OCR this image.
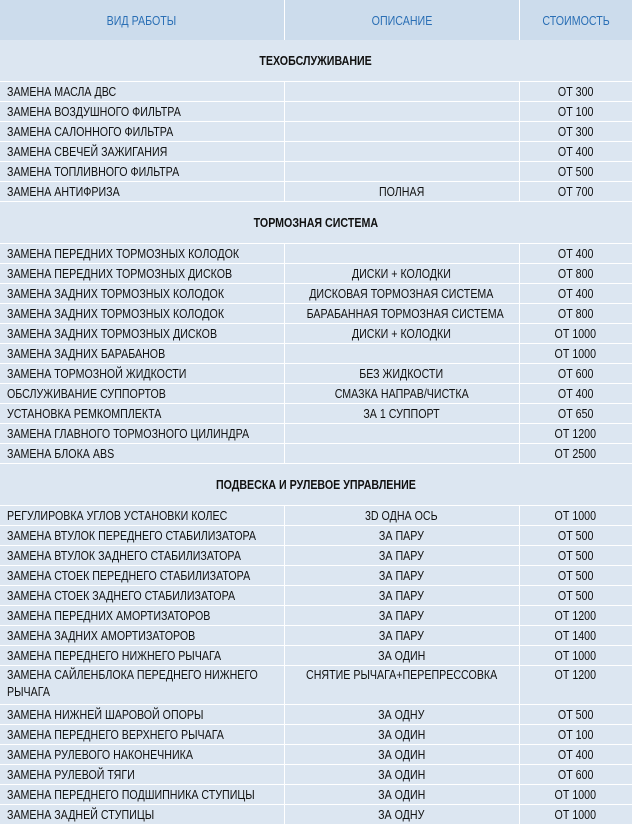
ВИД РАБОТЫ	ОПИСАНИЕ	СТОИМОСТЬ
ТЕХОБСЛУЖИВАНИЕ		
ЗАМЕНА МАСЛА ДВС		ОТ 300
ЗАМЕНА ВОЗДУШНОГО ФИЛЬТРА		ОТ 100
ЗАМЕНА САЛОННОГО ФИЛЬТРА		ОТ 300
ЗАМЕНА СВЕЧЕЙ ЗАЖИГАНИЯ		ОТ 400
ЗАМЕНА ТОПЛИВНОГО ФИЛЬТРА		ОТ 500
ЗАМЕНА АНТИФРИЗА	ПОЛНАЯ	ОТ 700
ТОРМОЗНАЯ СИСТЕМА		
ЗАМЕНА ПЕРЕДНИХ ТОРМОЗНЫХ КОЛОДОК		ОТ 400
ЗАМЕНА ПЕРЕДНИХ ТОРМОЗНЫХ ДИСКОВ	ДИСКИ + КОЛОДКИ	ОТ 800
ЗАМЕНА ЗАДНИХ ТОРМОЗНЫХ КОЛОДОК	ДИСКОВАЯ ТОРМОЗНАЯ СИСТЕМА	ОТ 400
ЗАМЕНА ЗАДНИХ ТОРМОЗНЫХ КОЛОДОК	БАРАБАННАЯ ТОРМОЗНАЯ СИСТЕМА	ОТ 800
ЗАМЕНА ЗАДНИХ ТОРМОЗНЫХ ДИСКОВ	ДИСКИ + КОЛОДКИ	ОТ 1000
ЗАМЕНА ЗАДНИХ БАРАБАНОВ		ОТ 1000
ЗАМЕНА ТОРМОЗНОЙ ЖИДКОСТИ	БЕЗ ЖИДКОСТИ	ОТ 600
ОБСЛУЖИВАНИЕ СУППОРТОВ	СМАЗКА НАПРАВ/ЧИСТКА	ОТ 400
УСТАНОВКА РЕМКОМПЛЕКТА	ЗА 1 СУППОРТ	ОТ 650
ЗАМЕНА ГЛАВНОГО ТОРМОЗНОГО ЦИЛИНДРА		ОТ 1200
ЗАМЕНА БЛОКА ABS		ОТ 2500
ПОДВЕСКА И РУЛЕВОЕ УПРАВЛЕНИЕ		
РЕГУЛИРОВКА УГЛОВ УСТАНОВКИ КОЛЕС	3D ОДНА ОСЬ	ОТ 1000
ЗАМЕНА ВТУЛОК ПЕРЕДНЕГО СТАБИЛИЗАТОРА	ЗА ПАРУ	ОТ 500
ЗАМЕНА ВТУЛОК ЗАДНЕГО СТАБИЛИЗАТОРА	ЗА ПАРУ	ОТ 500
ЗАМЕНА СТОЕК ПЕРЕДНЕГО СТАБИЛИЗАТОРА	ЗА ПАРУ	ОТ 500
ЗАМЕНА СТОЕК ЗАДНЕГО СТАБИЛИЗАТОРА	ЗА ПАРУ	ОТ 500
ЗАМЕНА ПЕРЕДНИХ АМОРТИЗАТОРОВ	ЗА ПАРУ	ОТ 1200
ЗАМЕНА ЗАДНИХ АМОРТИЗАТОРОВ	ЗА ПАРУ	ОТ 1400
ЗАМЕНА ПЕРЕДНЕГО НИЖНЕГО РЫЧАГА	ЗА ОДИН	ОТ 1000

ЗАМЕНА САЙЛЕНБЛОКА ПЕРЕДНЕГО НИЖНЕГО РЫЧАГА	СНЯТИЕ РЫЧАГА+ПЕРЕПРЕССОВКА	ОТ 1200
ЗАМЕНА НИЖНЕЙ ШАРОВОЙ ОПОРЫ	ЗА ОДНУ	ОТ 500
ЗАМЕНА ПЕРЕДНЕГО ВЕРХНЕГО РЫЧАГА	ЗА ОДИН	ОТ 100
ЗАМЕНА РУЛЕВОГО НАКОНЕЧНИКА	ЗА ОДИН	ОТ 400
ЗАМЕНА РУЛЕВОЙ ТЯГИ	ЗА ОДИН	ОТ 600
ЗАМЕНА ПЕРЕДНЕГО ПОДШИПНИКА СТУПИЦЫ	ЗА ОДИН	ОТ 1000
ЗАМЕНА ЗАДНЕЙ СТУПИЦЫ	ЗА ОДНУ	ОТ 1000
